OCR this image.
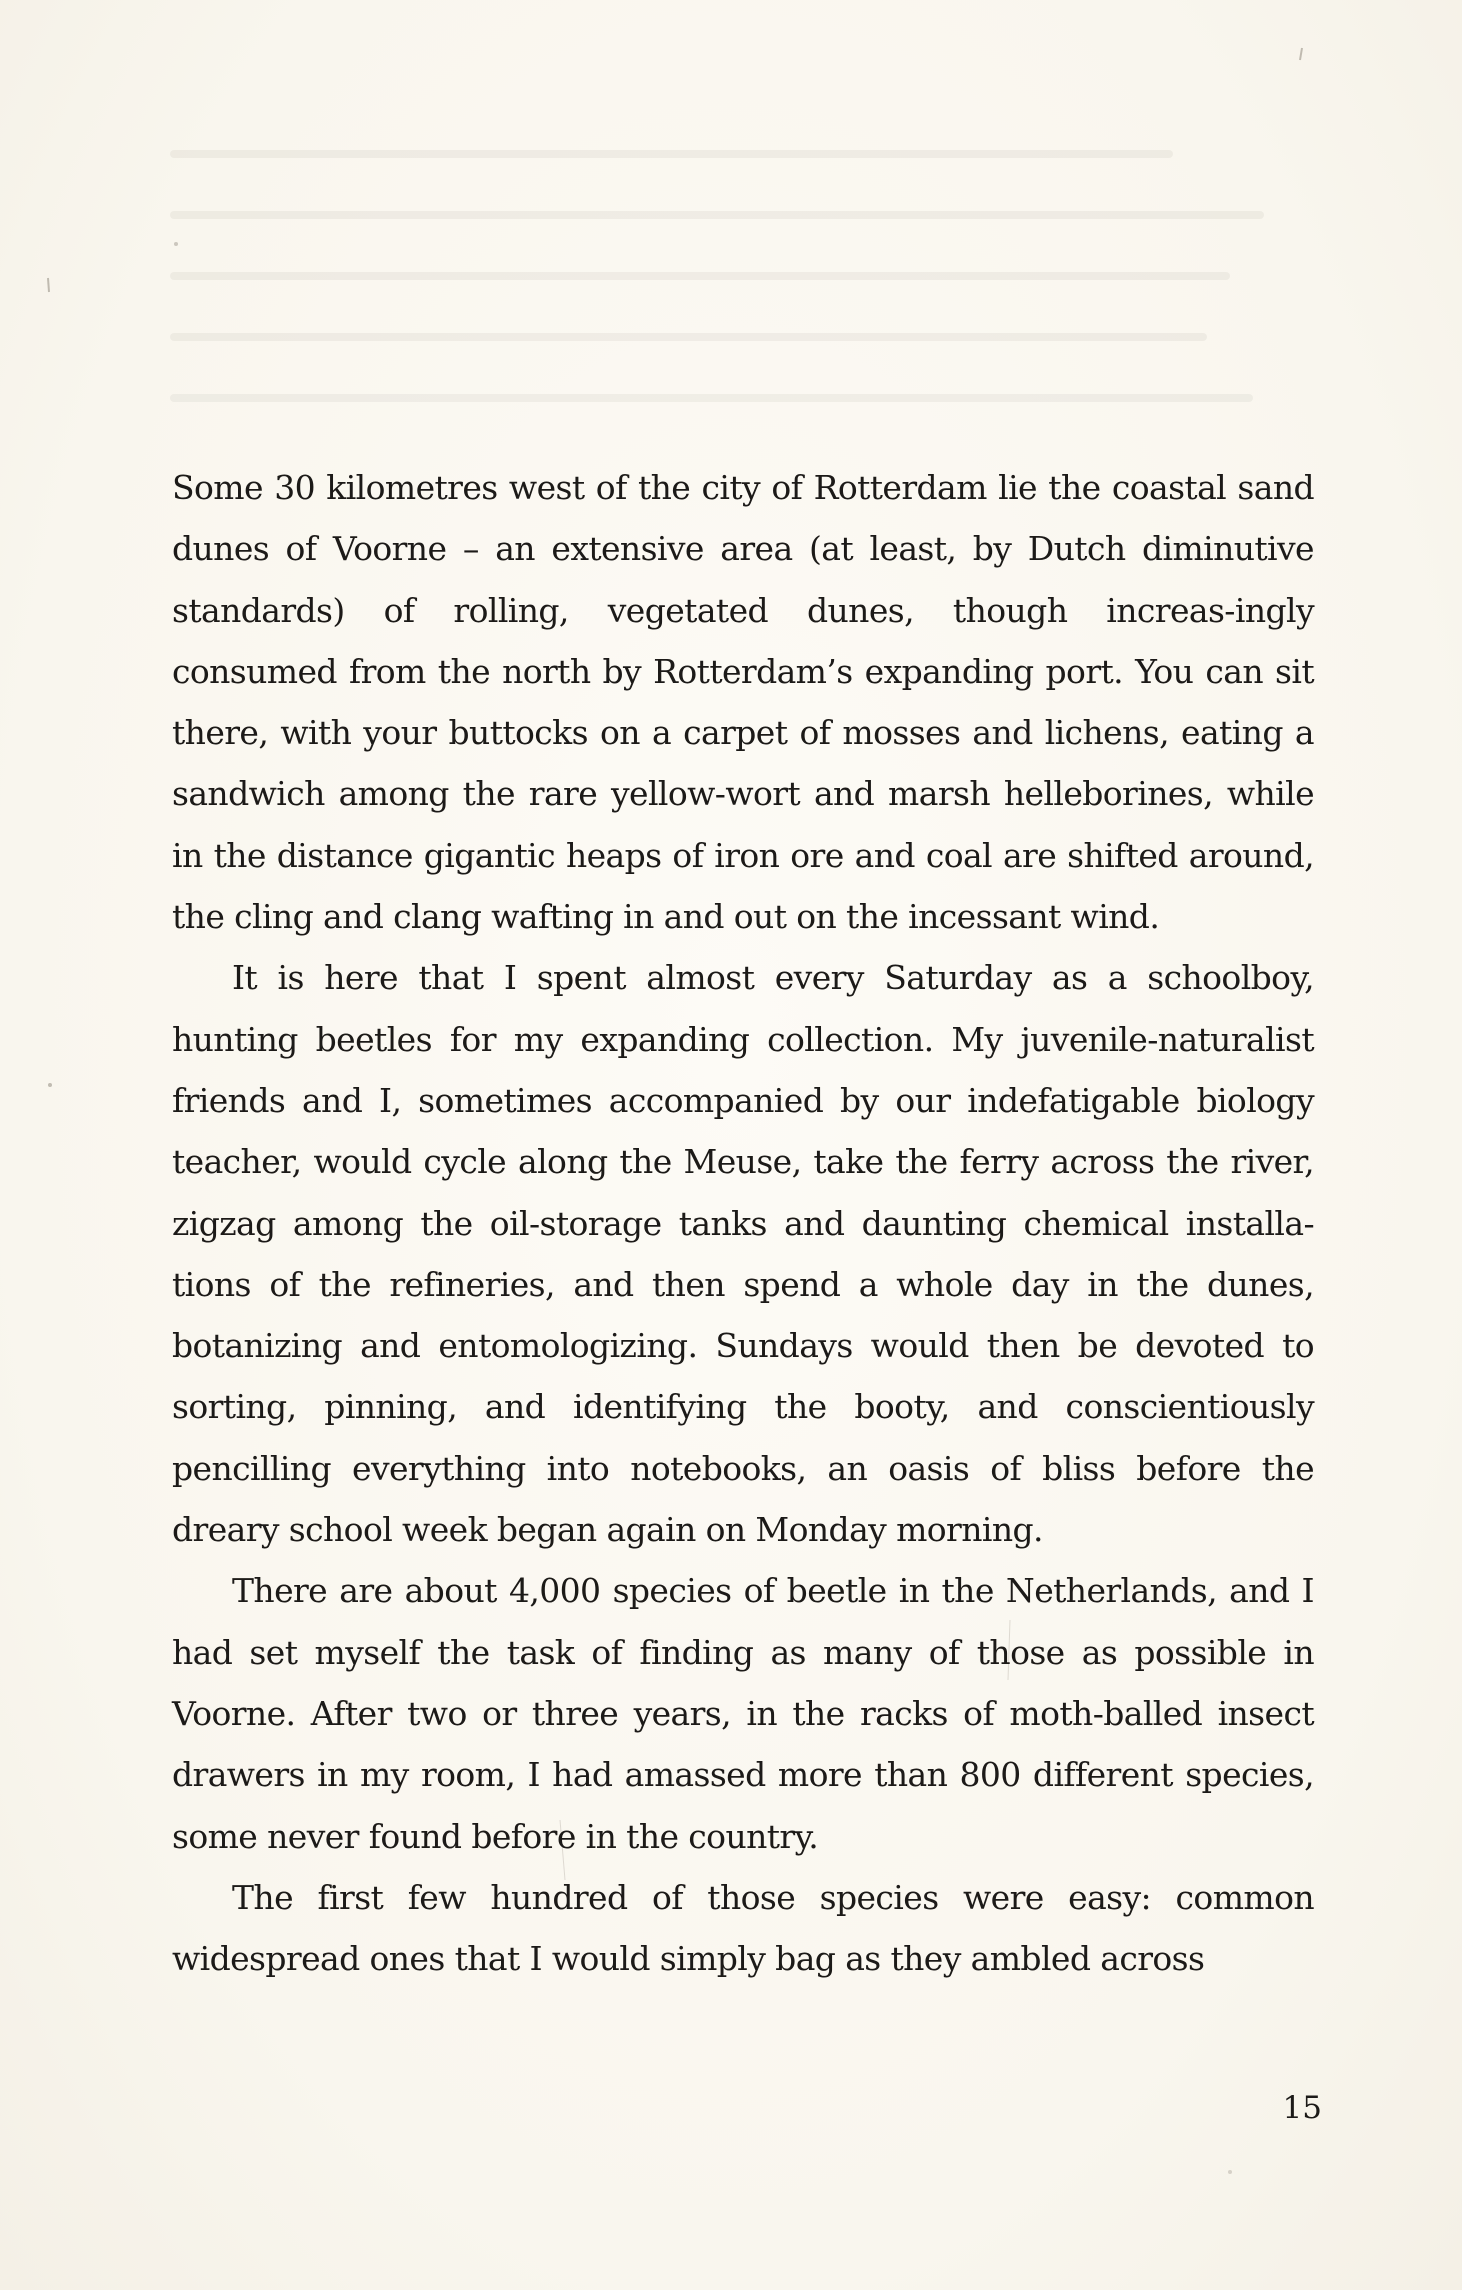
Some 30 kilometres west of the city of Rotterdam lie the coastal sand dunes of Voorne – an extensive area (at least, by Dutch diminutive standards) of rolling, vegetated dunes, though increas-ingly consumed from the north by Rotterdam’s expanding port. You can sit there, with your buttocks on a carpet of mosses and lichens, eating a sandwich among the rare yellow-wort and marsh helleborines, while in the distance gigantic heaps of iron ore and coal are shifted around, the cling and clang wafting in and out on the incessant wind.

It is here that I spent almost every Saturday as a schoolboy, hunting beetles for my expanding collection. My juvenile-naturalist friends and I, sometimes accompanied by our indefatigable biology teacher, would cycle along the Meuse, take the ferry across the river, zigzag among the oil-storage tanks and daunting chemical installa-tions of the refineries, and then spend a whole day in the dunes, botanizing and entomologizing. Sundays would then be devoted to sorting, pinning, and identifying the booty, and conscientiously pencilling everything into notebooks, an oasis of bliss before the dreary school week began again on Monday morning.

There are about 4,000 species of beetle in the Netherlands, and I had set myself the task of finding as many of those as possible in Voorne. After two or three years, in the racks of moth-balled insect drawers in my room, I had amassed more than 800 different species, some never found before in the country.

The first few hundred of those species were easy: common widespread ones that I would simply bag as they ambled across

15
